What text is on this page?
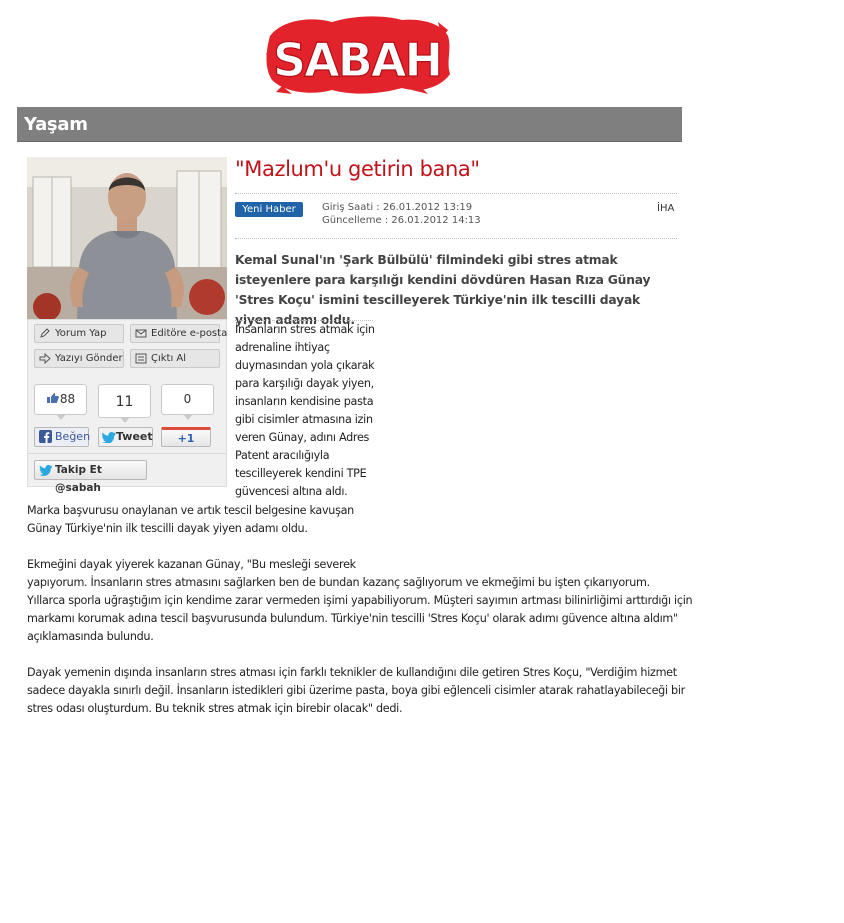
SABAH
Yaşam
Yorum Yap	Editöre e-posta
Yazıyı Gönder	Çıktı Al
88	11	0
Beğen	Tweet	+1
Takip Et @sabah
"Mazlum'u getirin bana"
Yeni Haber	Giriş Saati : 26.01.2012 13:19
Güncelleme : 26.01.2012 14:13
İHA
Kemal Sunal'ın 'Şark Bülbülü' filmindeki gibi stres atmak isteyenlere para karşılığı kendini dövdüren Hasan Rıza Günay 'Stres Koçu' ismini tescilleyerek Türkiye'nin ilk tescilli dayak yiyen adamı oldu.
İnsanların stres atmak için
adrenaline ihtiyaç
duymasından yola çıkarak
para karşılığı dayak yiyen,
insanların kendisine pasta
gibi cisimler atmasına izin
veren Günay, adını Adres
Patent aracılığıyla
tescilleyerek kendini TPE
güvencesi altına aldı.
Marka başvurusu onaylanan ve artık tescil belgesine kavuşan
Günay Türkiye'nin ilk tescilli dayak yiyen adamı oldu.
Ekmeğini dayak yiyerek kazanan Günay, "Bu mesleği severek
yapıyorum. İnsanların stres atmasını sağlarken ben de bundan kazanç sağlıyorum ve ekmeğimi bu işten çıkarıyorum.
Yıllarca sporla uğraştığım için kendime zarar vermeden işimi yapabiliyorum. Müşteri sayımın artması bilinirliğimi arttırdığı için
markamı korumak adına tescil başvurusunda bulundum. Türkiye'nin tescilli 'Stres Koçu' olarak adımı güvence altına aldım"
açıklamasında bulundu.
Dayak yemenin dışında insanların stres atması için farklı teknikler de kullandığını dile getiren Stres Koçu, "Verdiğim hizmet
sadece dayakla sınırlı değil. İnsanların istedikleri gibi üzerime pasta, boya gibi eğlenceli cisimler atarak rahatlayabileceği bir
stres odası oluşturdum. Bu teknik stres atmak için birebir olacak" dedi.
